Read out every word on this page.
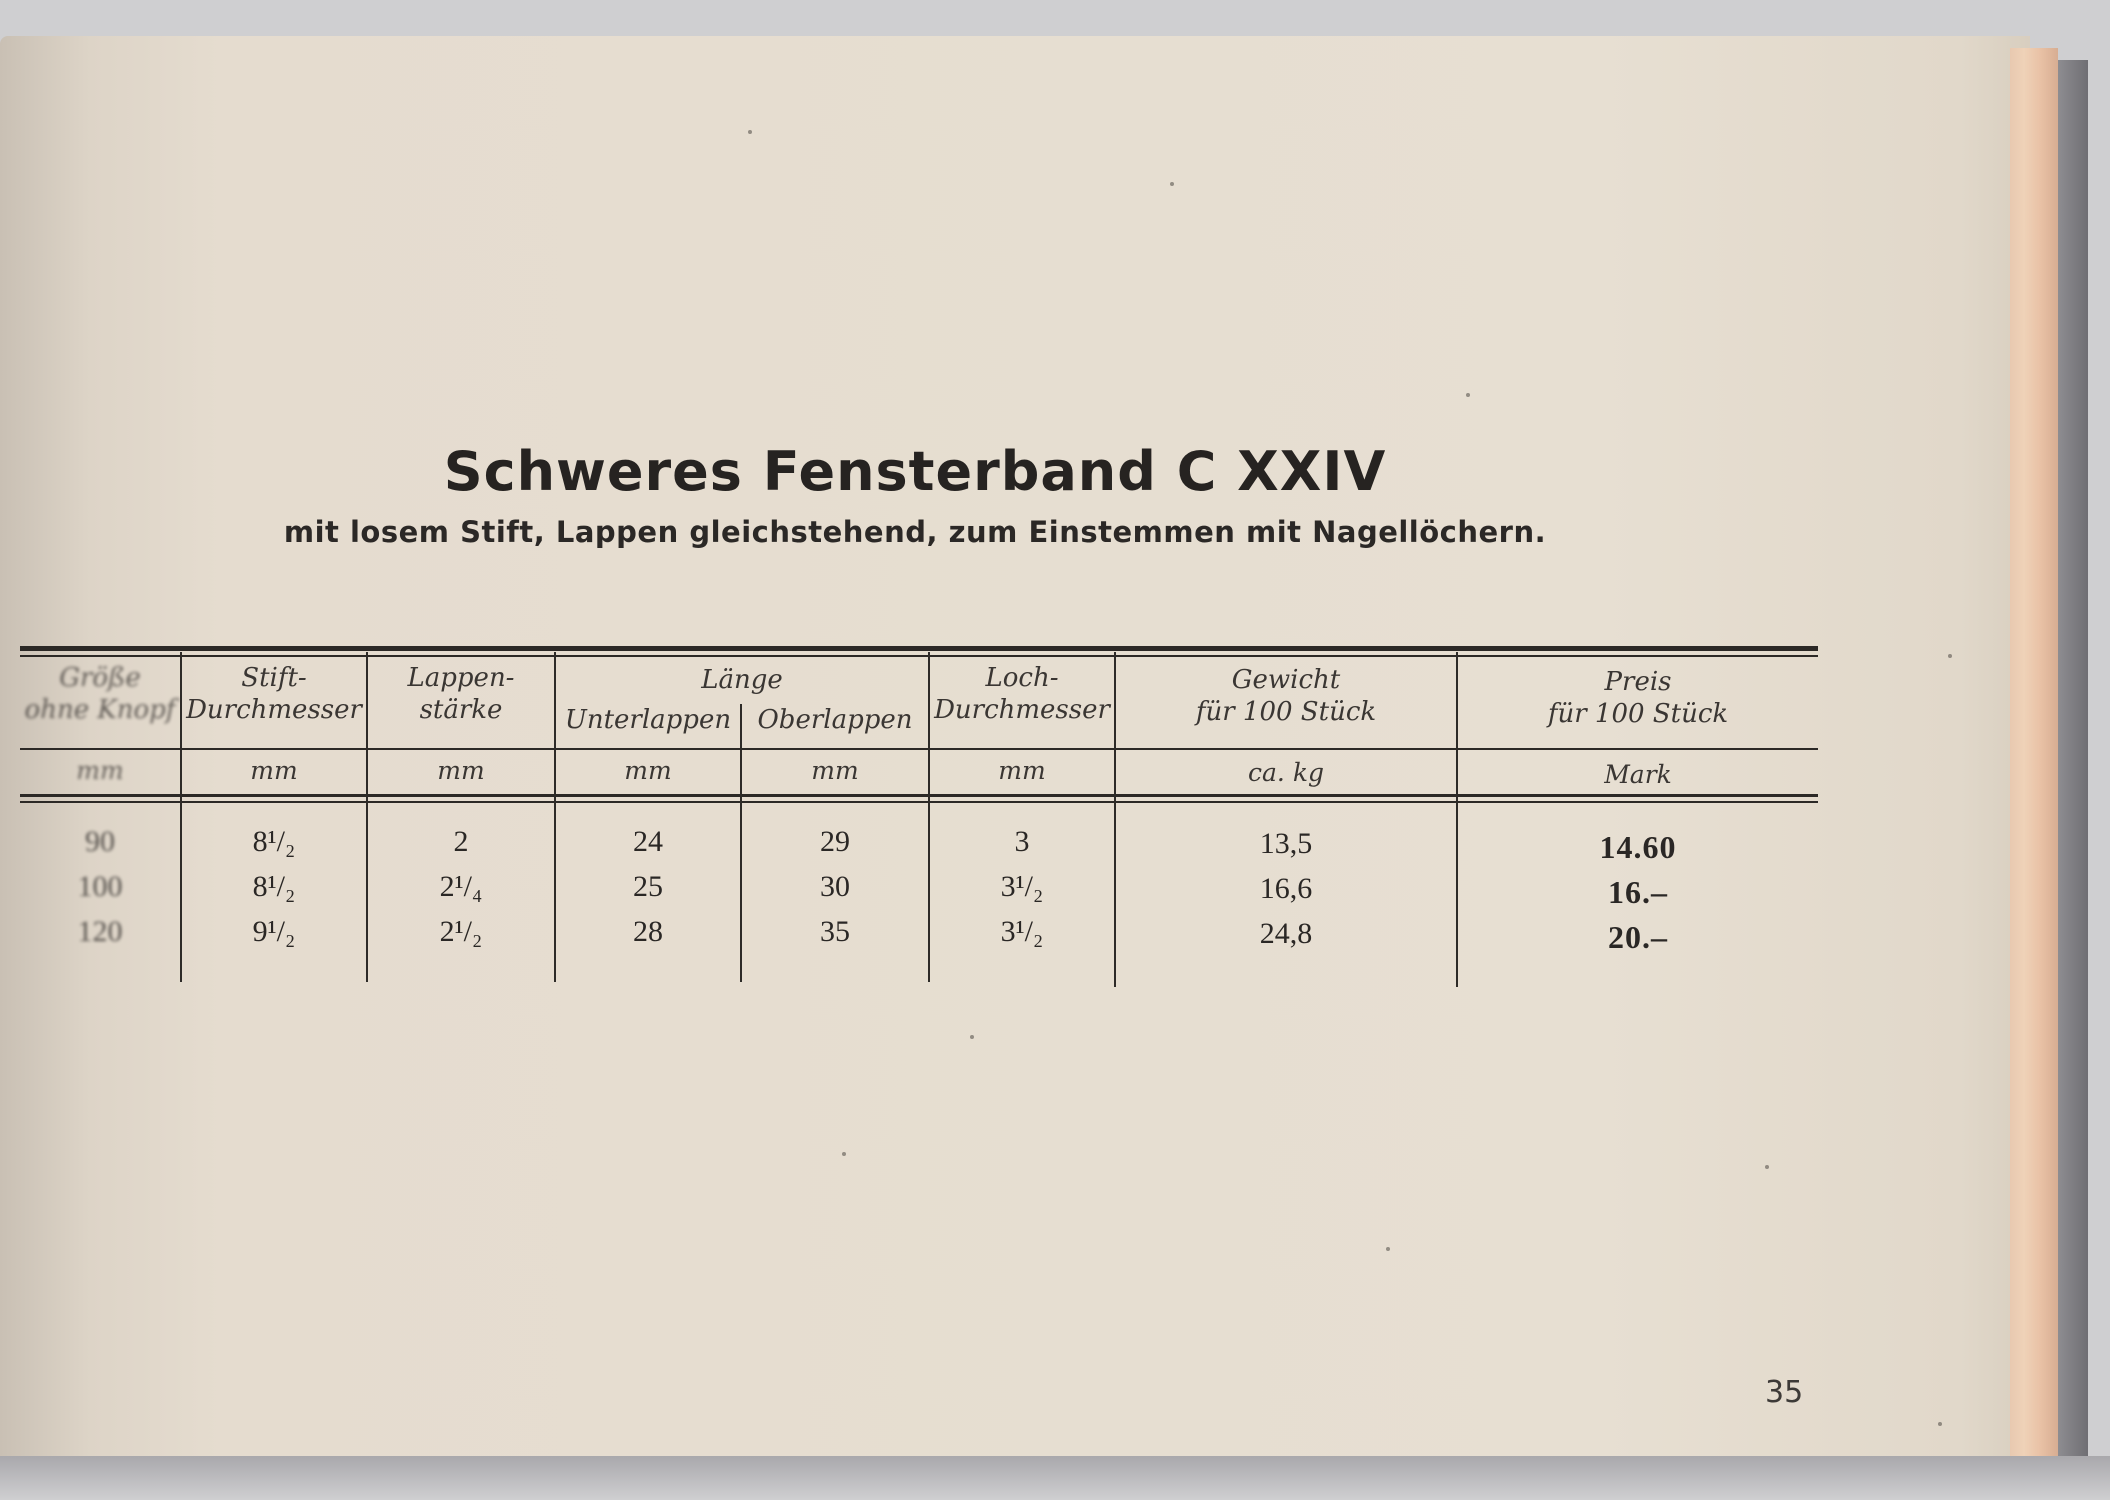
Schweres Fensterband C XXIV
mit losem Stift, Lappen gleichstehend, zum Einstemmen mit Nagellöchern.
Größe
ohne Knopf
Stift-
Durchmesser
Lappen-
stärke
Länge
Unterlappen	Oberlappen
Loch-
Durchmesser
Gewicht
für 100 Stück
Preis
für 100 Stück
mm	mm	mm	mm	mm	mm	ca. kg	Mark
90	8¹/₂	2	24	29	3	13,5	14.60
100	8¹/₂	2¹/₄	25	30	3¹/₂	16,6	16.–
120	9¹/₂	2¹/₂	28	35	3¹/₂	24,8	20.–
35
